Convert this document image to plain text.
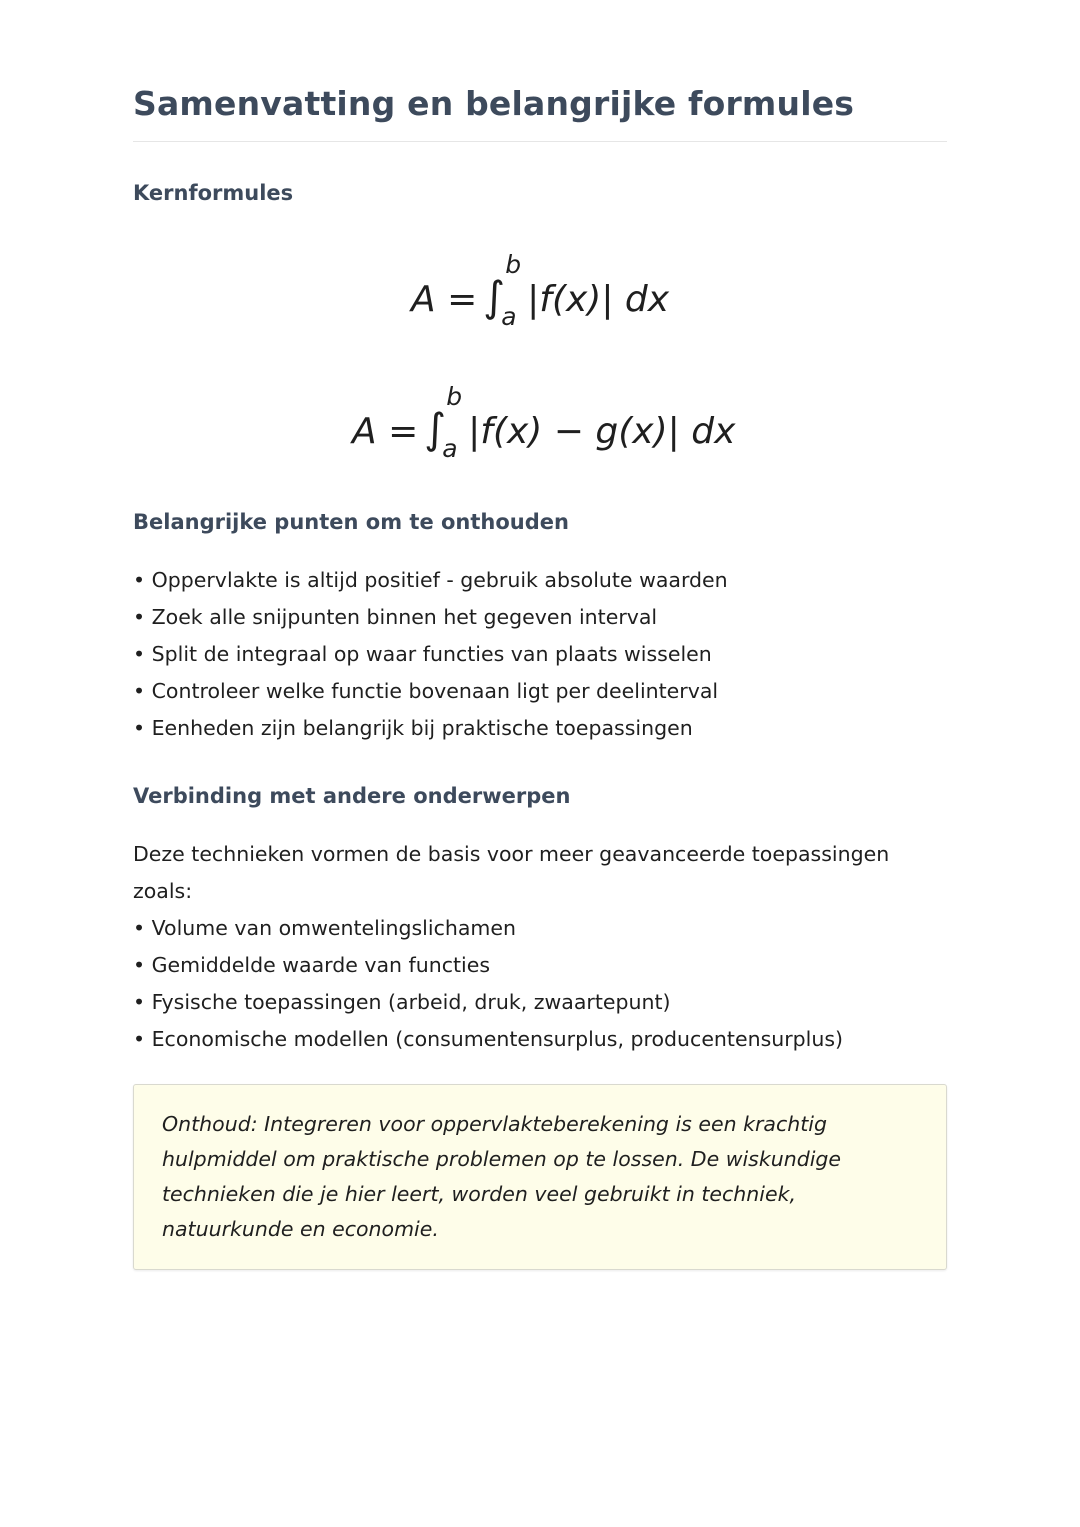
Samenvatting en belangrijke formules
Kernformules
A = ∫
b
a |f(x)| dx
A = ∫
b
a |f(x) − g(x)| dx
Belangrijke punten om te onthouden
• Oppervlakte is altijd positief - gebruik absolute waarden
• Zoek alle snijpunten binnen het gegeven interval
• Split de integraal op waar functies van plaats wisselen
• Controleer welke functie bovenaan ligt per deelinterval
• Eenheden zijn belangrijk bij praktische toepassingen
Verbinding met andere onderwerpen

Deze technieken vormen de basis voor meer geavanceerde toepassingen zoals:

• Volume van omwentelingslichamen
• Gemiddelde waarde van functies
• Fysische toepassingen (arbeid, druk, zwaartepunt)
• Economische modellen (consumentensurplus, producentensurplus)

Onthoud: Integreren voor oppervlakteberekening is een krachtig hulpmiddel om praktische problemen op te lossen. De wiskundige technieken die je hier leert, worden veel gebruikt in techniek, natuurkunde en economie.
